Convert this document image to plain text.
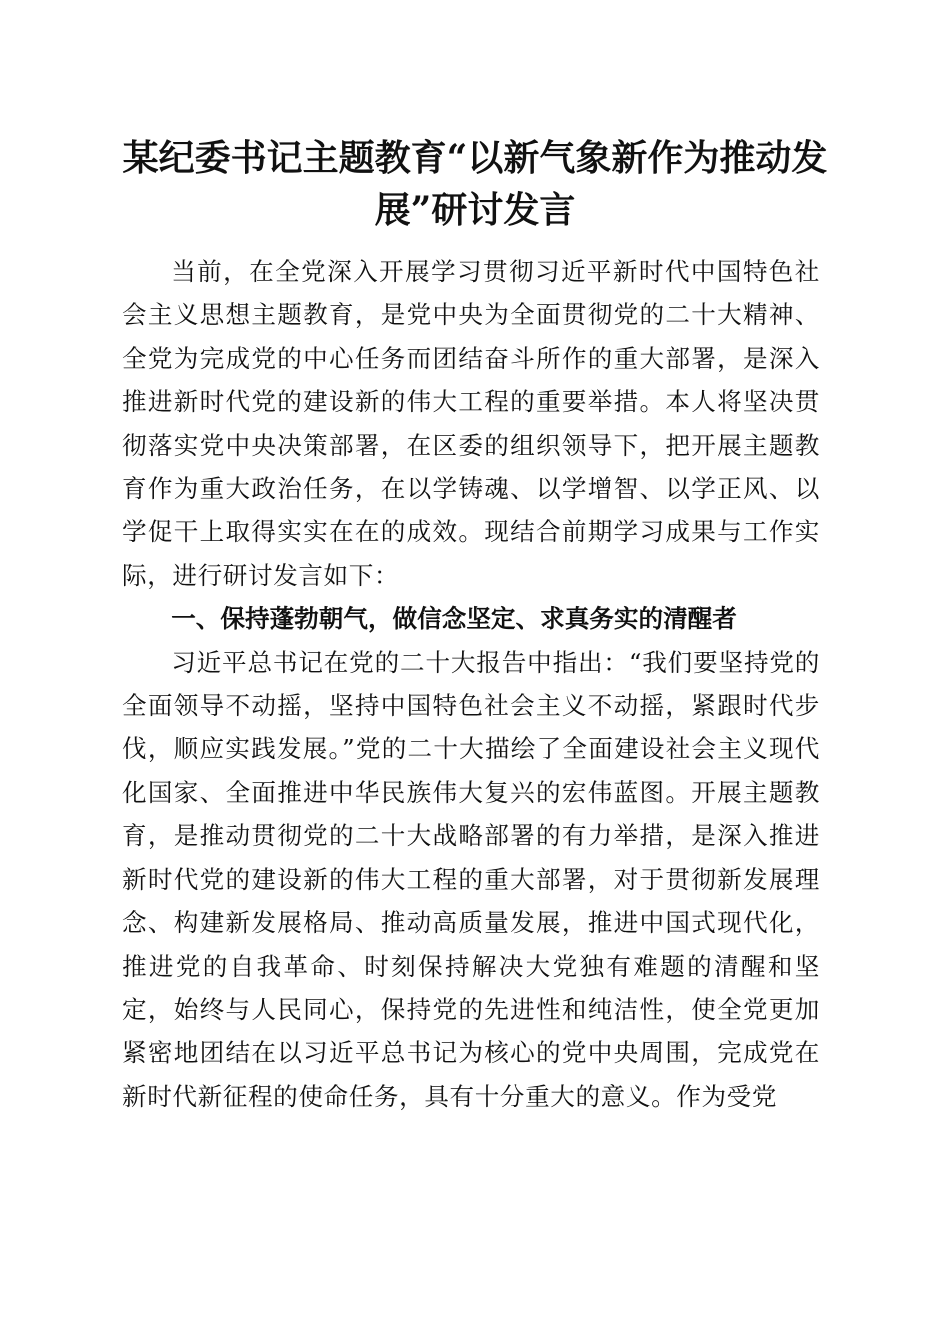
某纪委书记主题教育“以新气象新作为推动发展”研讨发言

当前，在全党深入开展学习贯彻习近平新时代中国特色社会主义思想主题教育，是党中央为全面贯彻党的二十大精神、全党为完成党的中心任务而团结奋斗所作的重大部署，是深入推进新时代党的建设新的伟大工程的重要举措。本人将坚决贯彻落实党中央决策部署，在区委的组织领导下，把开展主题教育作为重大政治任务，在以学铸魂、以学增智、以学正风、以学促干上取得实实在在的成效。现结合前期学习成果与工作实际，进行研讨发言如下：

一、保持蓬勃朝气，做信念坚定、求真务实的清醒者

习近平总书记在党的二十大报告中指出：“我们要坚持党的全面领导不动摇，坚持中国特色社会主义不动摇，紧跟时代步伐，顺应实践发展。”党的二十大描绘了全面建设社会主义现代化国家、全面推进中华民族伟大复兴的宏伟蓝图。开展主题教育，是推动贯彻党的二十大战略部署的有力举措，是深入推进新时代党的建设新的伟大工程的重大部署，对于贯彻新发展理念、构建新发展格局、推动高质量发展，推进中国式现代化，推进党的自我革命、时刻保持解决大党独有难题的清醒和坚定，始终与人民同心，保持党的先进性和纯洁性，使全党更加紧密地团结在以习近平总书记为核心的党中央周围，完成党在新时代新征程的使命任务，具有十分重大的意义。作为受党
